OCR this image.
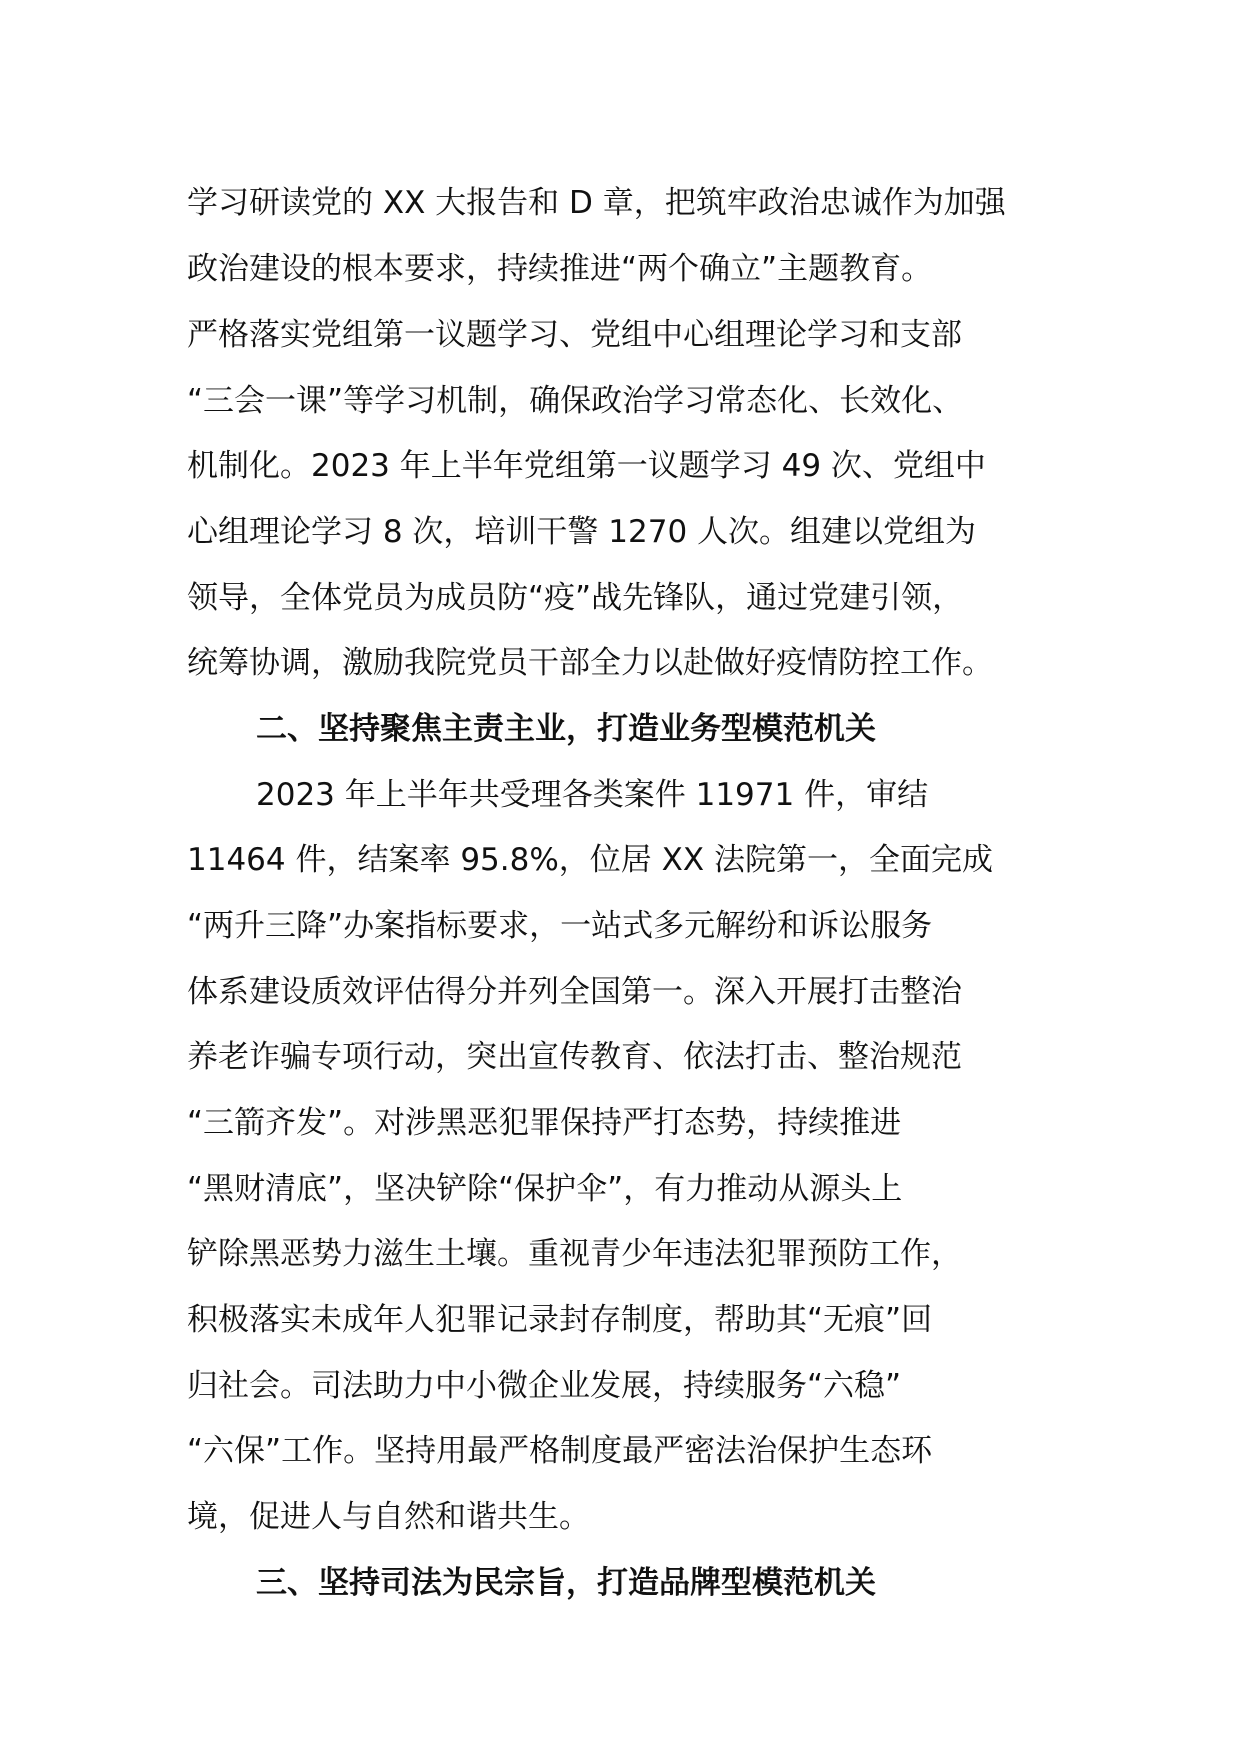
学习研读党的 XX 大报告和 D 章，把筑牢政治忠诚作为加强
政治建设的根本要求，持续推进“两个确立”主题教育。
严格落实党组第一议题学习、党组中心组理论学习和支部
“三会一课”等学习机制，确保政治学习常态化、长效化、
机制化。2023 年上半年党组第一议题学习 49 次、党组中
心组理论学习 8 次，培训干警 1270 人次。组建以党组为
领导，全体党员为成员防“疫”战先锋队，通过党建引领，
统筹协调，激励我院党员干部全力以赴做好疫情防控工作。
二、坚持聚焦主责主业，打造业务型模范机关
2023 年上半年共受理各类案件 11971 件，审结
11464 件，结案率 95.8%，位居 XX 法院第一，全面完成
“两升三降”办案指标要求，一站式多元解纷和诉讼服务
体系建设质效评估得分并列全国第一。深入开展打击整治
养老诈骗专项行动，突出宣传教育、依法打击、整治规范
“三箭齐发”。对涉黑恶犯罪保持严打态势，持续推进
“黑财清底”，坚决铲除“保护伞”，有力推动从源头上
铲除黑恶势力滋生土壤。重视青少年违法犯罪预防工作，
积极落实未成年人犯罪记录封存制度，帮助其“无痕”回
归社会。司法助力中小微企业发展，持续服务“六稳”
“六保”工作。坚持用最严格制度最严密法治保护生态环
境，促进人与自然和谐共生。
三、坚持司法为民宗旨，打造品牌型模范机关
